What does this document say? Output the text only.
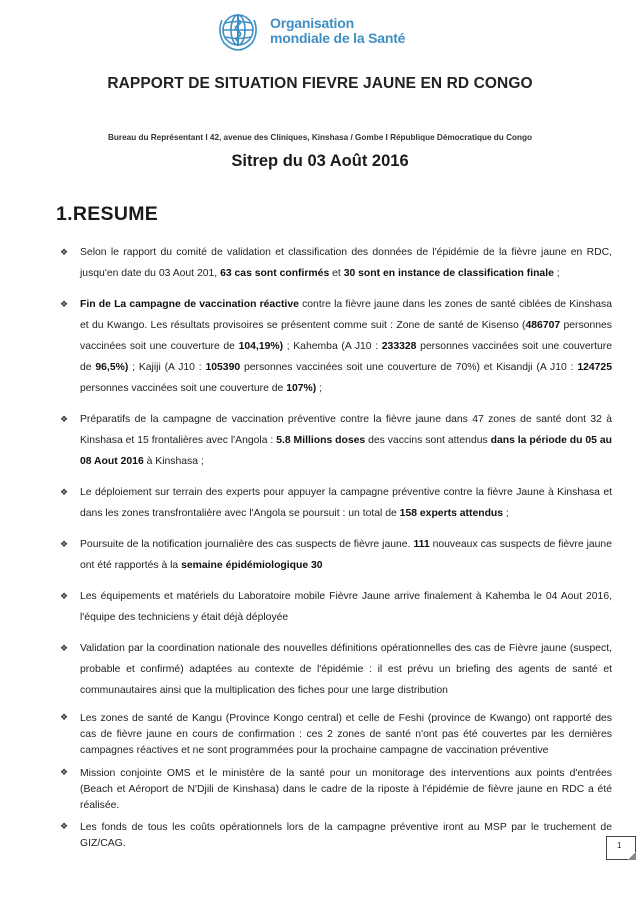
Organisation
mondiale de la Santé
RAPPORT DE SITUATION FIEVRE JAUNE EN RD CONGO
Bureau du Représentant I 42, avenue des Cliniques, Kinshasa / Gombe I République Démocratique du Congo
Sitrep du 03 Août 2016
1.RESUME
❖ Selon le rapport du comité de validation et classification des données de l'épidémie de la fièvre jaune en RDC, jusqu'en date du 03 Aout 201, 63 cas sont confirmés et 30 sont en instance de classification finale ;
❖ Fin de La campagne de vaccination réactive contre la fièvre jaune dans les zones de santé ciblées de Kinshasa et du Kwango. Les résultats provisoires se présentent comme suit : Zone de santé de Kisenso (486707 personnes vaccinées soit une couverture de 104,19%) ; Kahemba (A J10 : 233328 personnes vaccinées soit une couverture de 96,5%) ; Kajiji (A J10 : 105390 personnes vaccinées soit une couverture de 70%) et Kisandji (A J10 : 124725 personnes vaccinées soit une couverture de 107%) ;
❖ Préparatifs de la campagne de vaccination préventive contre la fièvre jaune dans 47 zones de santé dont 32 à Kinshasa et 15 frontalières avec l'Angola : 5.8 Millions doses des vaccins sont attendus dans la période du 05 au 08 Aout 2016 à Kinshasa ;
❖ Le déploiement sur terrain des experts pour appuyer la campagne préventive contre la fièvre Jaune à Kinshasa et dans les zones transfrontalière avec l'Angola se poursuit : un total de 158 experts attendus ;
❖ Poursuite de la notification journalière des cas suspects de fièvre jaune. 111 nouveaux cas suspects de fièvre jaune ont été rapportés à la semaine épidémiologique 30
❖ Les équipements et matériels du Laboratoire mobile Fièvre Jaune arrive finalement à Kahemba le 04 Aout 2016, l'équipe des techniciens y était déjà déployée
❖ Validation par la coordination nationale des nouvelles définitions opérationnelles des cas de Fièvre jaune (suspect, probable et confirmé) adaptées au contexte de l'épidémie : il est prévu un briefing des agents de santé et communautaires ainsi que la multiplication des fiches pour une large distribution
❖ Les zones de santé de Kangu (Province Kongo central) et celle de Feshi (province de Kwango) ont rapporté des cas de fièvre jaune en cours de confirmation : ces 2 zones de santé n'ont pas été couvertes par les dernières campagnes réactives et ne sont programmées pour la prochaine campagne de vaccination préventive
❖ Mission conjointe OMS et le ministère de la santé pour un monitorage des interventions aux points d'entrées (Beach et Aéroport de N'Djili de Kinshasa) dans le cadre de la riposte à l'épidémie de fièvre jaune en RDC a été réalisée.
❖ Les fonds de tous les coûts opérationnels lors de la campagne préventive iront au MSP par le truchement de GIZ/CAG.	1
